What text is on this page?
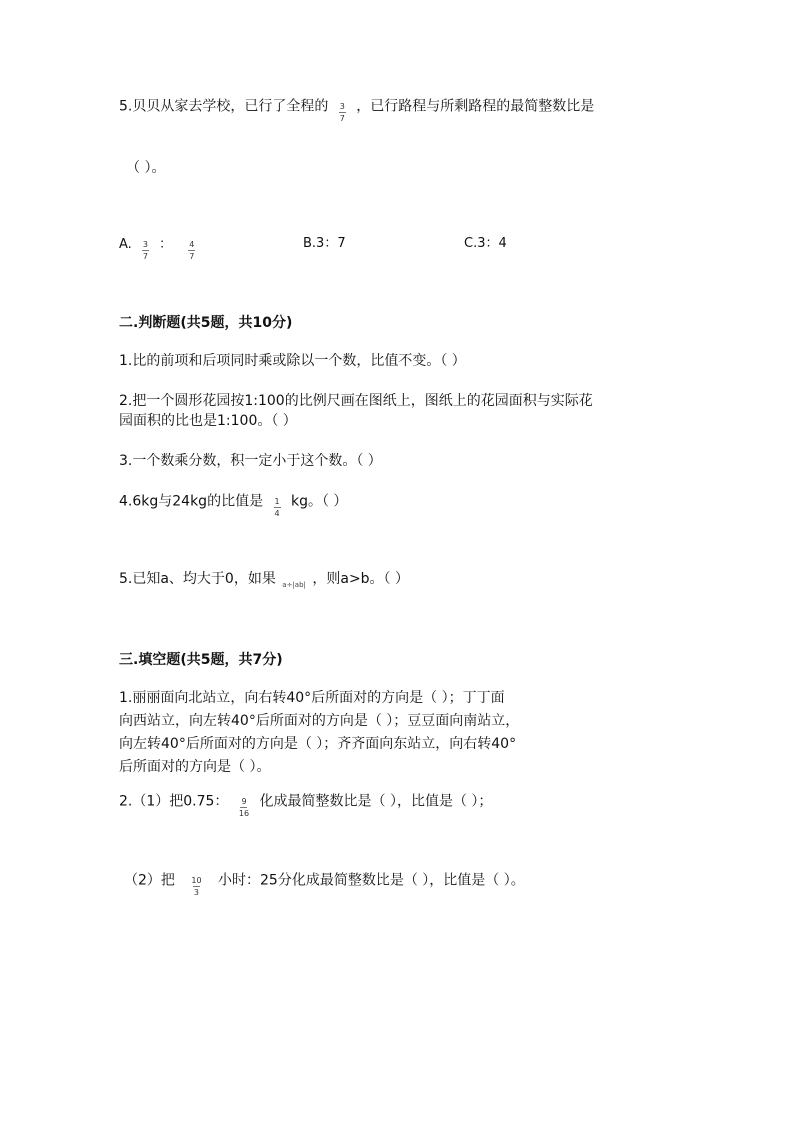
5.贝贝从家去学校，已行了全程的 $\frac{3}{7}$ ，已行路程与所剩路程的最简整数比是
（ ）。
A. $\frac{3}{7}$ ： $\frac{4}{7}$	B.3：7	C.3：4
二.判断题(共5题，共10分)
1.比的前项和后项同时乘或除以一个数，比值不变。（ ）
2.把一个圆形花园按1:100的比例尺画在图纸上，图纸上的花园面积与实际花
园面积的比也是1:100。（ ）
3.一个数乘分数，积一定小于这个数。（ ）
4.6kg与24kg的比值是 $\frac{1}{4}$ kg。（ ）
5.已知a、均大于0，如果 a÷|ab| ，则a>b。（ ）
三.填空题(共5题，共7分)
1.丽丽面向北站立，向右转40°后所面对的方向是（ ）；丁丁面
向西站立，向左转40°后所面对的方向是（ ）；豆豆面向南站立，
向左转40°后所面对的方向是（ ）；齐齐面向东站立，向右转40°
后所面对的方向是（ ）。
2.（1）把0.75： $\frac{9}{16}$ 化成最简整数比是（ ），比值是（ ）；
（2）把 $\frac{10}{3}$ 小时：25分化成最简整数比是（ ），比值是（ ）。
